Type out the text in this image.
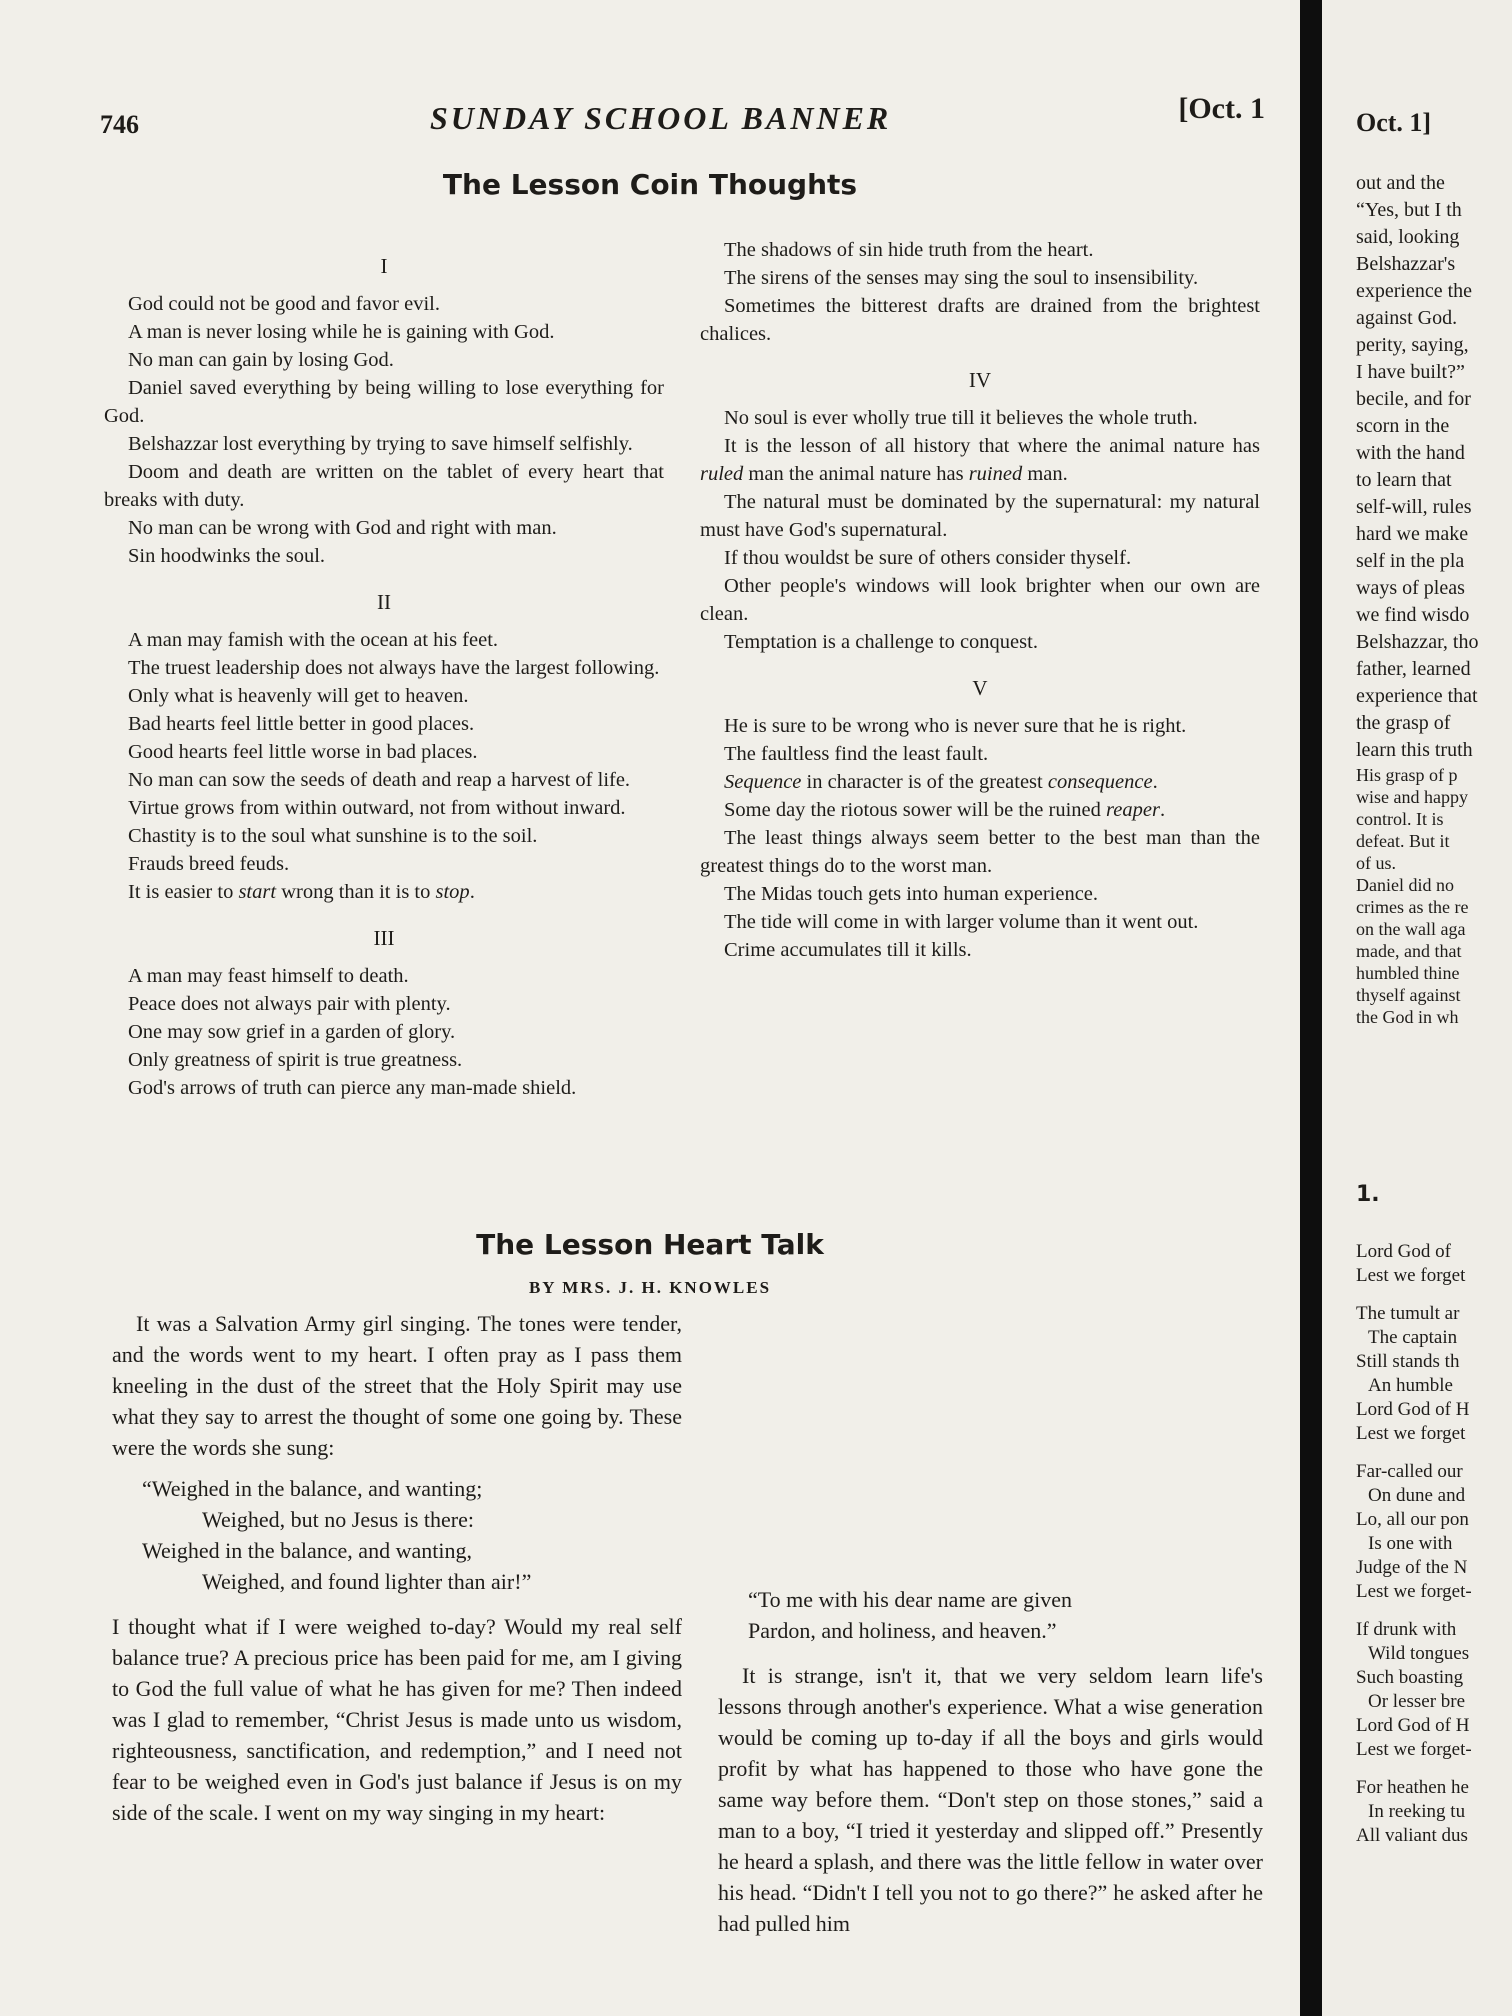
746	SUNDAY SCHOOL BANNER	[Oct. 1
The Lesson Coin Thoughts
I

God could not be good and favor evil.

A man is never losing while he is gaining with God.

No man can gain by losing God.

Daniel saved everything by being willing to lose everything for God.

Belshazzar lost everything by trying to save himself selfishly.

Doom and death are written on the tablet of every heart that breaks with duty.

No man can be wrong with God and right with man.

Sin hoodwinks the soul.

II

A man may famish with the ocean at his feet.

The truest leadership does not always have the largest following.

Only what is heavenly will get to heaven.

Bad hearts feel little better in good places.

Good hearts feel little worse in bad places.

No man can sow the seeds of death and reap a harvest of life.

Virtue grows from within outward, not from without inward.

Chastity is to the soul what sunshine is to the soil.

Frauds breed feuds.

It is easier to start wrong than it is to stop.

III

A man may feast himself to death.

Peace does not always pair with plenty.

One may sow grief in a garden of glory.

Only greatness of spirit is true greatness.

God's arrows of truth can pierce any man-made shield.

The shadows of sin hide truth from the heart.

The sirens of the senses may sing the soul to insensibility.

Sometimes the bitterest drafts are drained from the brightest chalices.

IV

No soul is ever wholly true till it believes the whole truth.

It is the lesson of all history that where the animal nature has ruled man the animal nature has ruined man.

The natural must be dominated by the supernatural: my natural must have God's supernatural.

If thou wouldst be sure of others consider thyself.

Other people's windows will look brighter when our own are clean.

Temptation is a challenge to conquest.

V

He is sure to be wrong who is never sure that he is right.

The faultless find the least fault.

Sequence in character is of the greatest consequence.

Some day the riotous sower will be the ruined reaper.

The least things always seem better to the best man than the greatest things do to the worst man.

The Midas touch gets into human experience.

The tide will come in with larger volume than it went out.

Crime accumulates till it kills.

The Lesson Heart Talk
BY MRS. J. H. KNOWLES

It was a Salvation Army girl singing. The tones were tender, and the words went to my heart. I often pray as I pass them kneeling in the dust of the street that the Holy Spirit may use what they say to arrest the thought of some one going by. These were the words she sung:

“Weighed in the balance, and wanting;
Weighed, but no Jesus is there:
Weighed in the balance, and wanting,
Weighed, and found lighter than air!”

I thought what if I were weighed to-day? Would my real self balance true? A precious price has been paid for me, am I giving to God the full value of what he has given for me? Then indeed was I glad to remember, “Christ Jesus is made unto us wisdom, righteousness, sanctification, and redemption,” and I need not fear to be weighed even in God's just balance if Jesus is on my side of the scale. I went on my way singing in my heart:

“To me with his dear name are given
Pardon, and holiness, and heaven.”

It is strange, isn't it, that we very seldom learn life's lessons through another's experience. What a wise generation would be coming up to-day if all the boys and girls would profit by what has happened to those who have gone the same way before them. “Don't step on those stones,” said a man to a boy, “I tried it yesterday and slipped off.” Presently he heard a splash, and there was the little fellow in water over his head. “Didn't I tell you not to go there?” he asked after he had pulled him

Oct. 1]
out and the
“Yes, but I th
said, looking
Belshazzar's
experience the
against God.
perity, saying,
I have built?”
becile, and for
scorn in the
with the hand
to learn that
self-will, rules
hard we make
self in the pla
ways of pleas
we find wisdo
Belshazzar, tho
father, learned
experience that
the grasp of
learn this truth
His grasp of p
wise and happy
control. It is
defeat. But it
of us.
Daniel did no
crimes as the re
on the wall aga
made, and that
humbled thine
thyself against
the God in wh
1.
Lord God of
Lest we forget
The tumult ar
The captain
Still stands th
An humble
Lord God of H
Lest we forget
Far-called our
On dune and
Lo, all our pon
Is one with
Judge of the N
Lest we forget-
If drunk with
Wild tongues
Such boasting
Or lesser bre
Lord God of H
Lest we forget-
For heathen he
In reeking tu
All valiant dus
